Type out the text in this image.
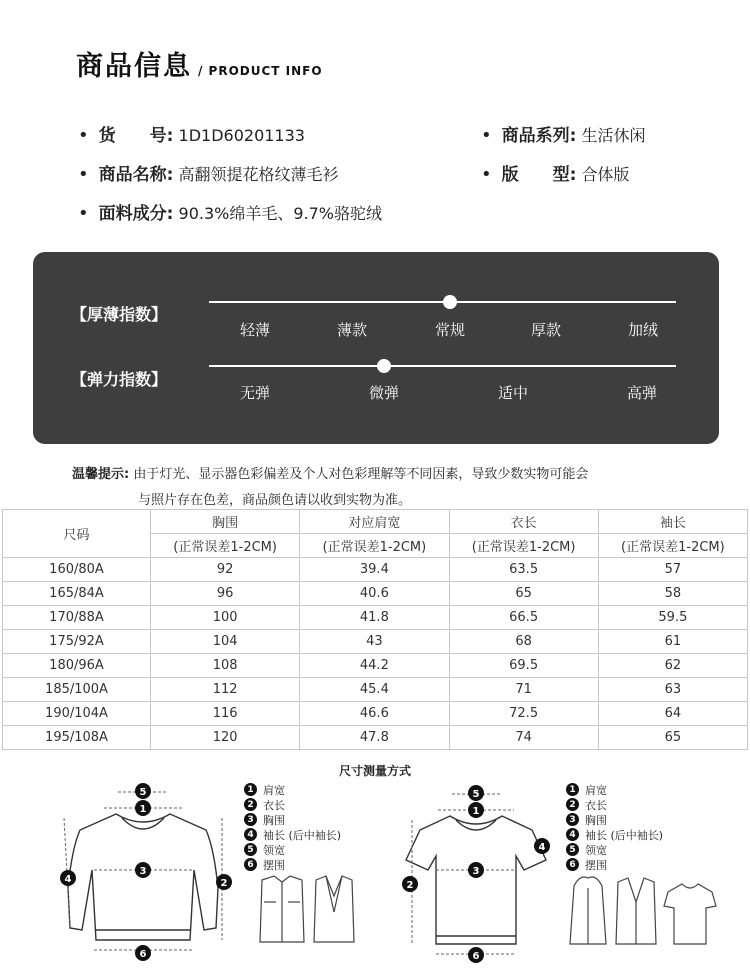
商品信息 / PRODUCT INFO
• 货　　号: 1D1D60201133
• 商品名称: 高翻领提花格纹薄毛衫
• 面料成分: 90.3%绵羊毛、9.7%骆驼绒
• 商品系列: 生活休闲
• 版　　型: 合体版
【厚薄指数】
轻薄	薄款	常规	厚款	加绒
【弹力指数】
无弹	微弹	适中	高弹
温馨提示: 由于灯光、显示器色彩偏差及个人对色彩理解等不同因素，导致少数实物可能会
与照片存在色差，商品颜色请以收到实物为准。
尺码	胸围	对应肩宽	衣长	袖长
	(正常误差1-2CM)	(正常误差1-2CM)	(正常误差1-2CM)	(正常误差1-2CM)
160/80A	92	39.4	63.5	57
165/84A	96	40.6	65	58
170/88A	100	41.8	66.5	59.5
175/92A	104	43	68	61
180/96A	108	44.2	69.5	62
185/100A	112	45.4	71	63
190/104A	116	46.6	72.5	64
195/108A	120	47.8	74	65
尺寸测量方式
5
1
3
6
2
4
1 肩宽
2 衣长
3 胸围
4 袖长 (后中袖长)
5 领宽
6 摆围
5
1
3
6
2
4
1 肩宽
2 衣长
3 胸围
4 袖长 (后中袖长)
5 领宽
6 摆围
